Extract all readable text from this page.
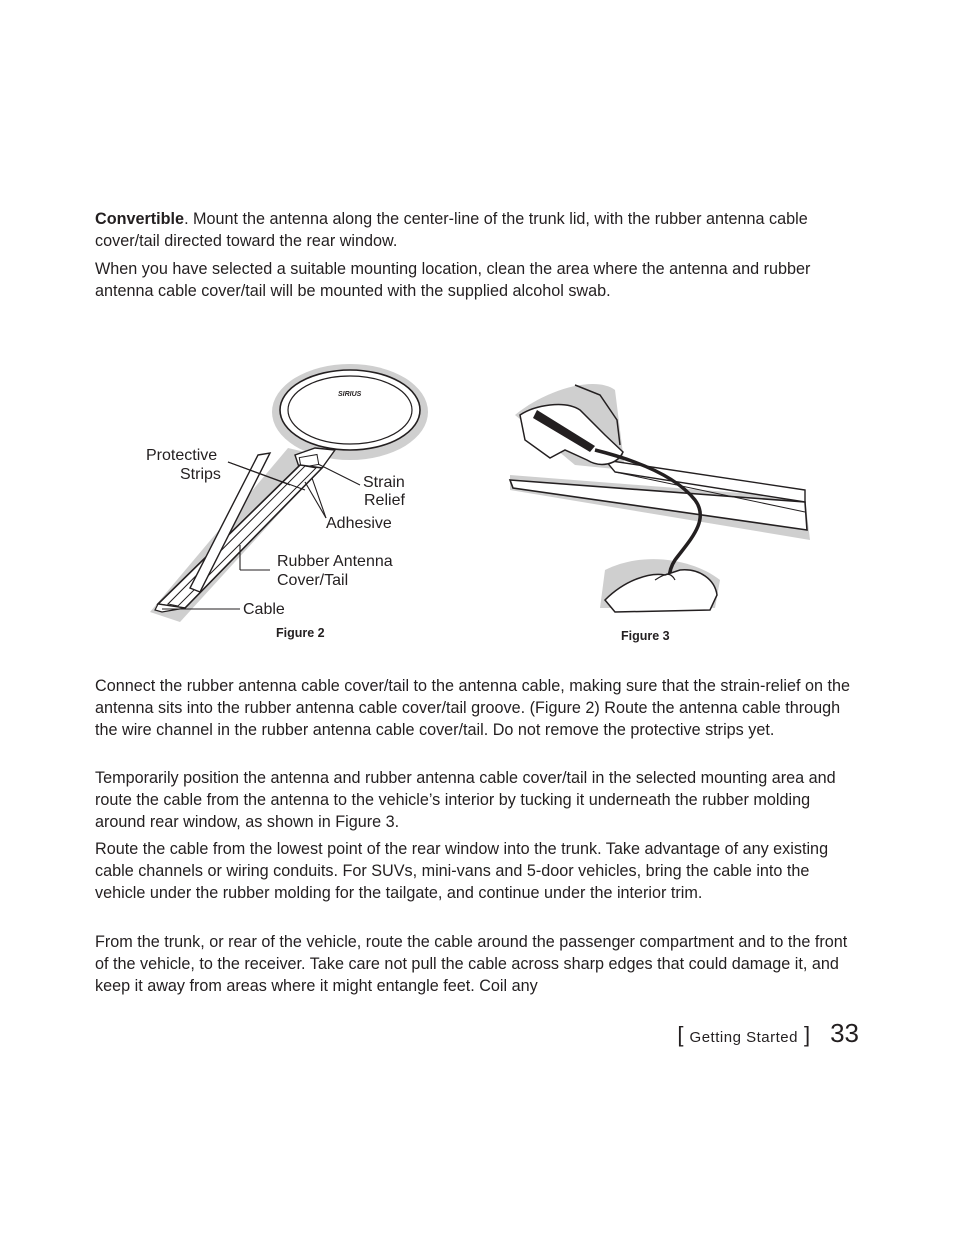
Convertible. Mount the antenna along the center-line of the trunk lid, with the rubber antenna cable cover/tail directed toward the rear window.

When you have selected a suitable mounting location, clean the area where the antenna and rubber antenna cable cover/tail will be mounted with the supplied alcohol swab.

SIRIUS
Protective
Strips	Strain
Relief
Adhesive
Rubber Antenna
Cover/Tail
Cable
Figure 2	Figure 3

Connect the rubber antenna cable cover/tail to the antenna cable, making sure that the strain-relief on the antenna sits into the rubber antenna cable cover/tail groove. (Figure 2) Route the antenna cable through the wire channel in the rubber antenna cable cover/tail. Do not remove the protective strips yet.

Temporarily position the antenna and rubber antenna cable cover/tail in the selected mounting area and route the cable from the antenna to the vehicle’s interior by tucking it underneath the rubber molding around rear window, as shown in Figure 3.

Route the cable from the lowest point of the rear window into the trunk. Take advantage of any existing cable channels or wiring conduits. For SUVs, mini-vans and 5-door vehicles, bring the cable into the vehicle under the rubber molding for the tailgate, and continue under the interior trim.

From the trunk, or rear of the vehicle, route the cable around the passenger compartment and to the front of the vehicle, to the receiver. Take care not pull the cable across sharp edges that could damage it, and keep it away from areas where it might entangle feet. Coil any

[ Getting Started ] 33
